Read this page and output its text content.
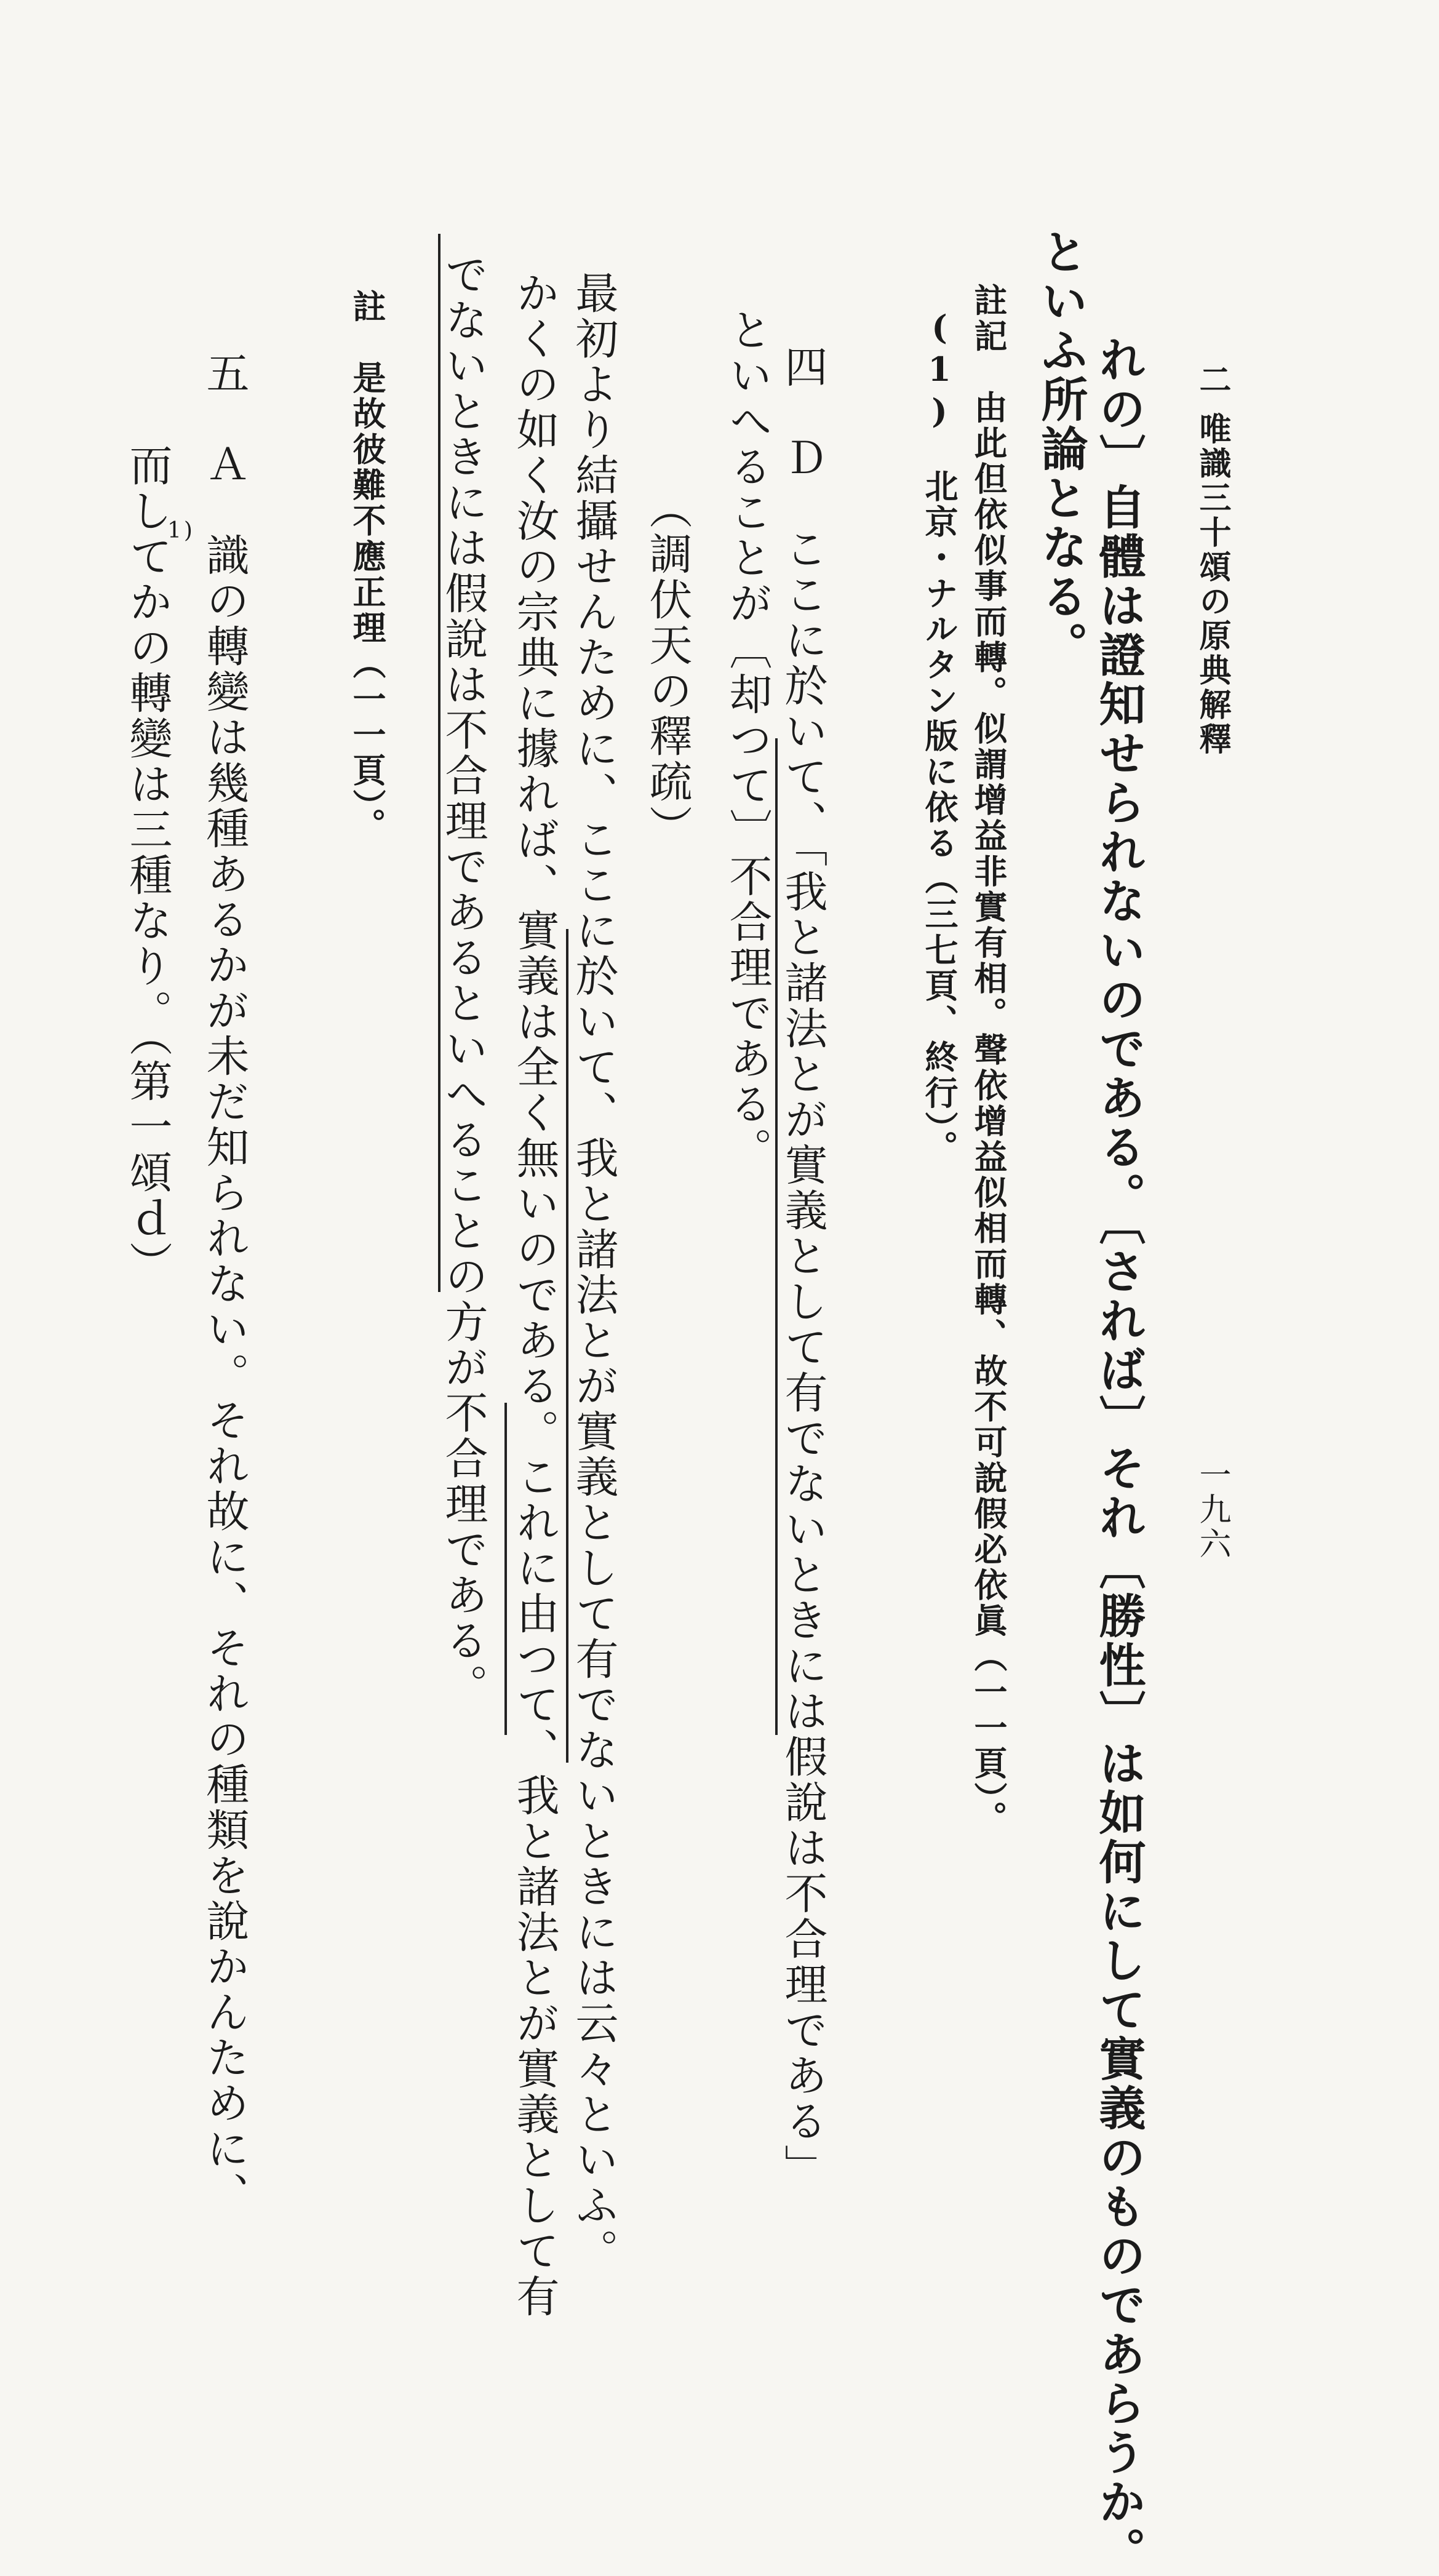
二
唯識三十頌の原典解釋
一九六
れの〕自體は證知せられないのである。〔されば〕それ〔勝性〕は如何にして實義のものであらうか。
といふ所論となる。
註記　由此但依似事而轉。似謂增益非實有相。聲依增益似相而轉、故不可說假必依眞（一一頁）。
(1)　北京・ナルタン版に依る（三七頁、終行）。
四　Ｄ　ここに於いて、「我と諸法とが實義として有でないときには假說は不合理である」
といへることが〔却つて〕不合理である。
（調伏天の釋疏）
最初より結攝せんために、ここに於いて、我と諸法とが實義として有でないときには云々といふ。
かくの如く汝の宗典に據れば、實義は全く無いのである。これに由つて、我と諸法とが實義として有
でないときには假說は不合理であるといへることの方が不合理である。
註　是故彼難不應正理（一一頁）。
五　Ａ　識の轉變は幾種あるかが未だ知られない。それ故に、それの種類を說かんために、
而してかの轉變は三種なり。（第一頌ｄ）
1)
